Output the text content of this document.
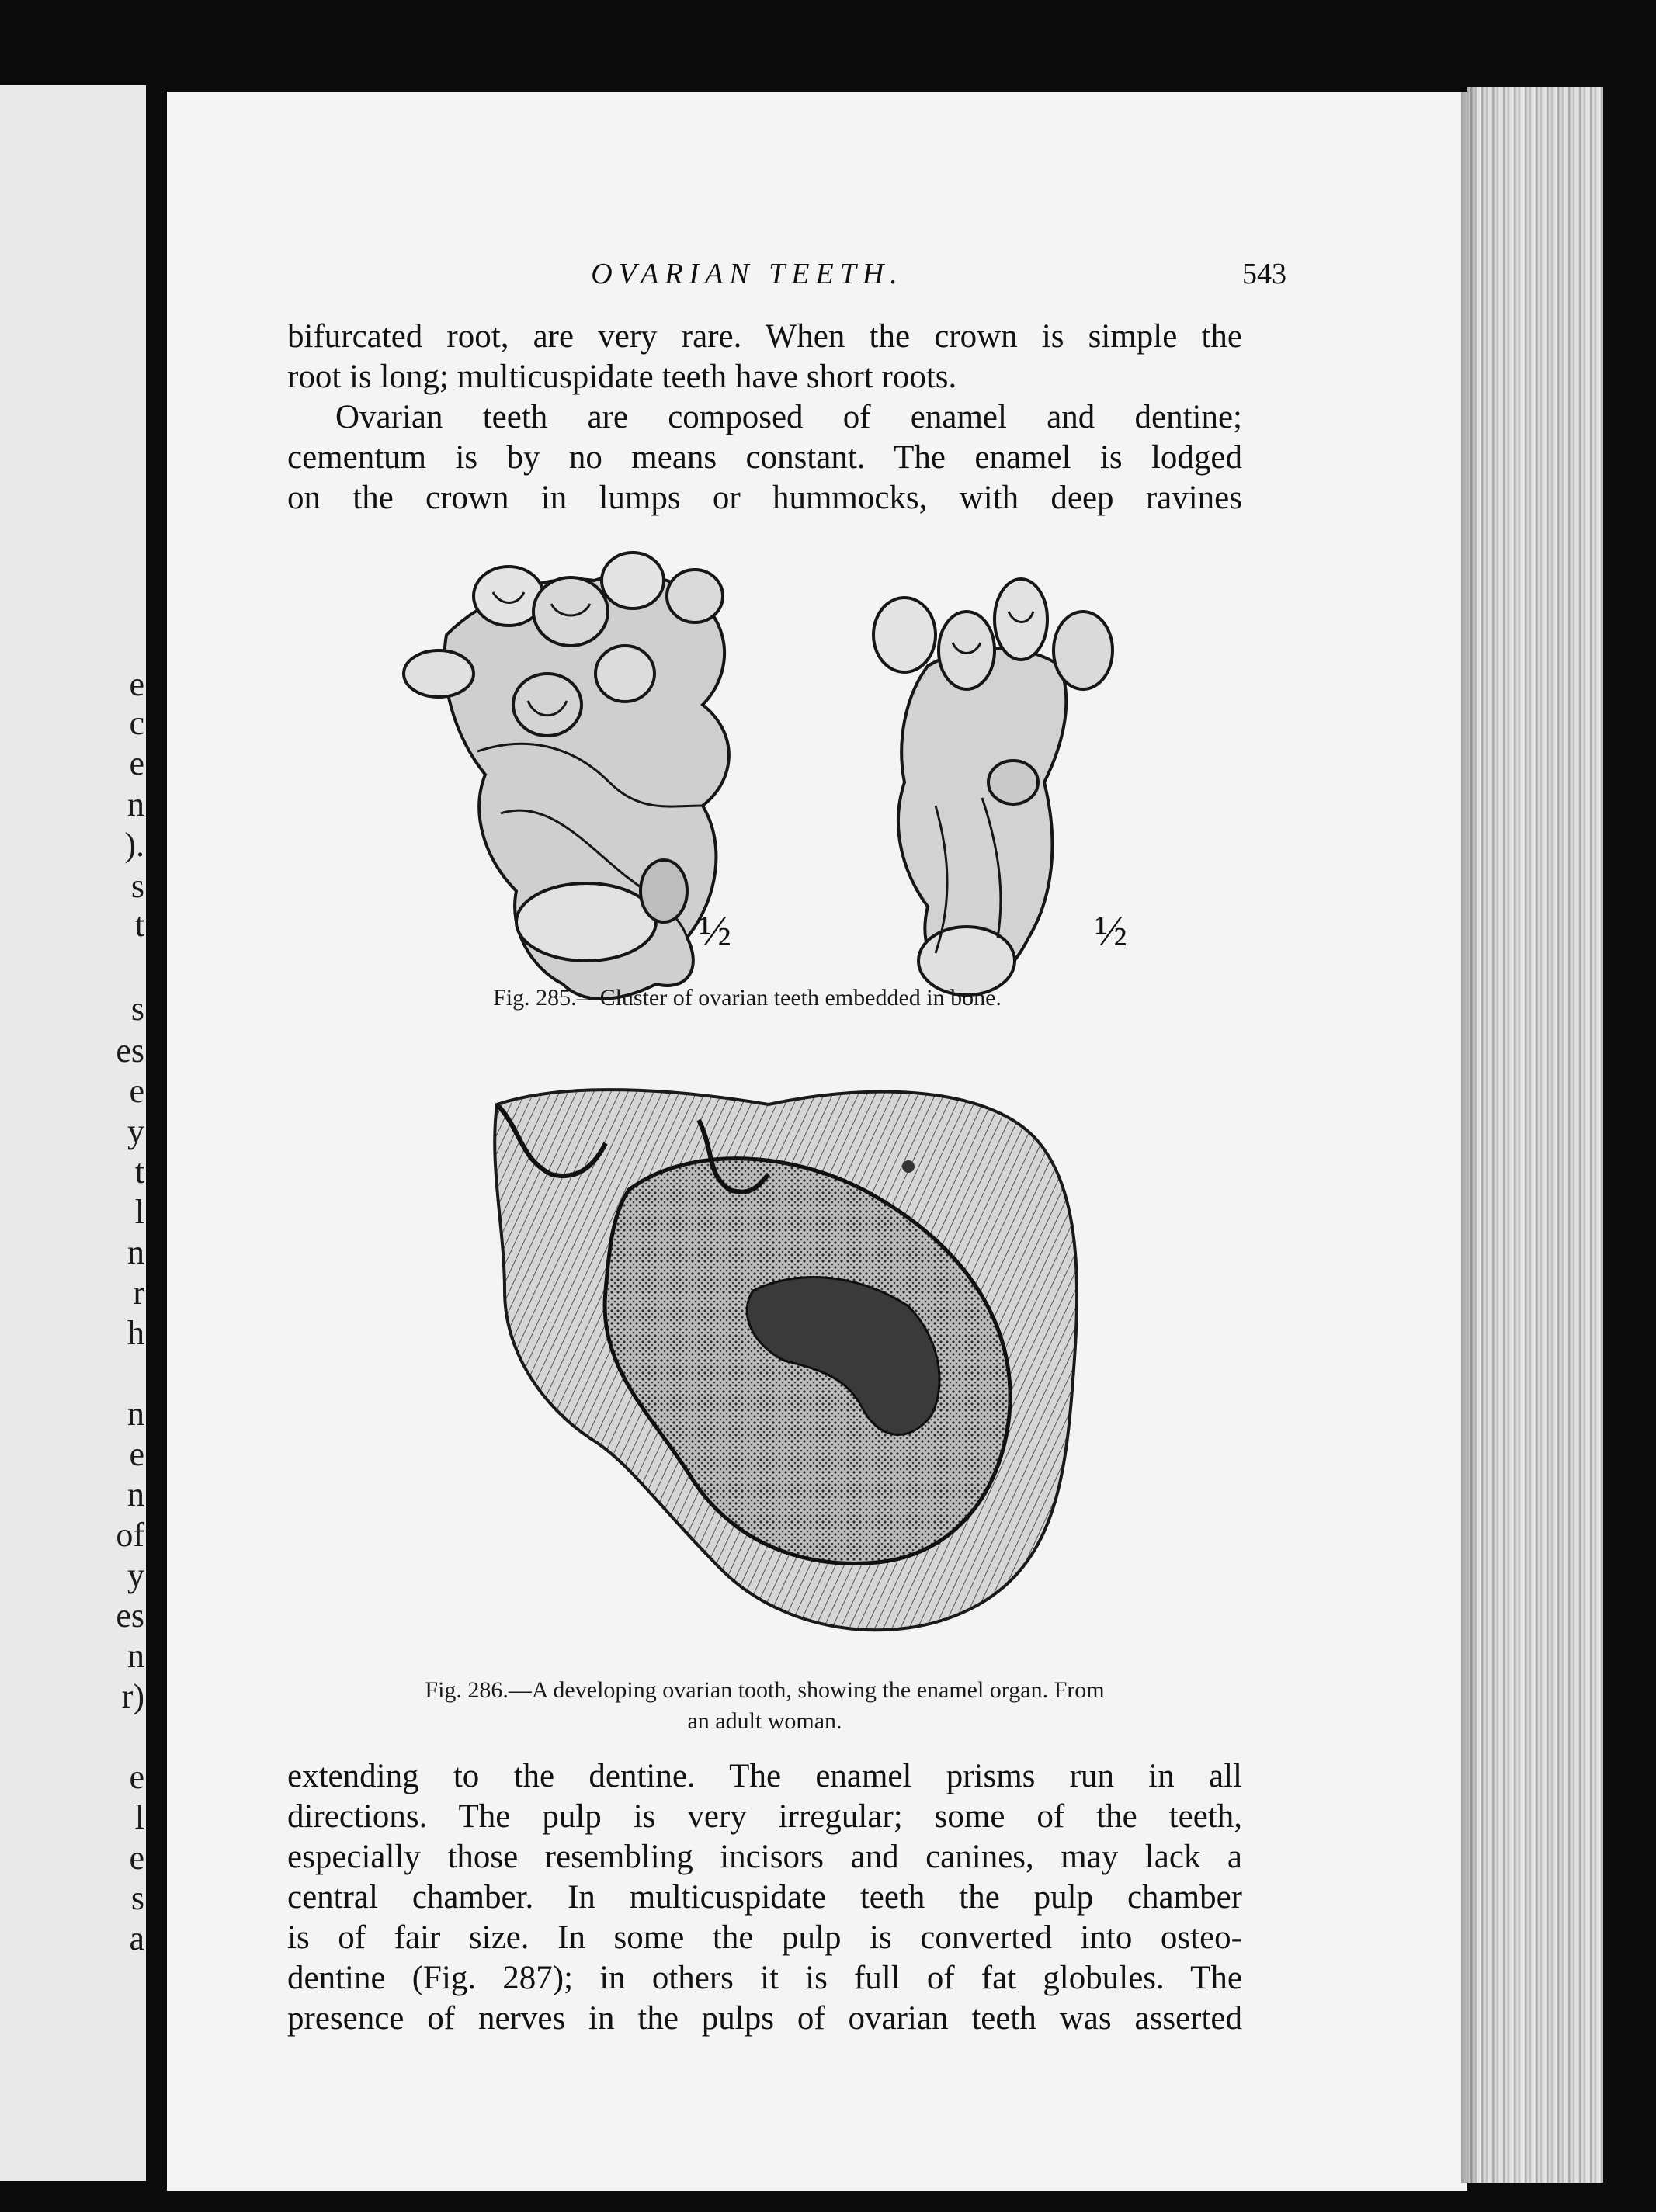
e
c
e
n
).
s
t
s
es
e
y
t
l
n
r
h
n
e
n
of
y
es
n
r)
e
l
e
s
a
OVARIAN TEETH.	543
bifurcated root, are very rare. When the crown is simple the
root is long; multicuspidate teeth have short roots.
Ovarian teeth are composed of enamel and dentine;
cementum is by no means constant. The enamel is lodged
on the crown in lumps or hummocks, with deep ravines
½	½
Fig. 285.—Cluster of ovarian teeth embedded in bone.
Fig. 286.—A developing ovarian tooth, showing the enamel organ. From
an adult woman.
extending to the dentine. The enamel prisms run in all
directions. The pulp is very irregular; some of the teeth,
especially those resembling incisors and canines, may lack a
central chamber. In multicuspidate teeth the pulp chamber
is of fair size. In some the pulp is converted into osteo-
dentine (Fig. 287); in others it is full of fat globules. The
presence of nerves in the pulps of ovarian teeth was asserted
